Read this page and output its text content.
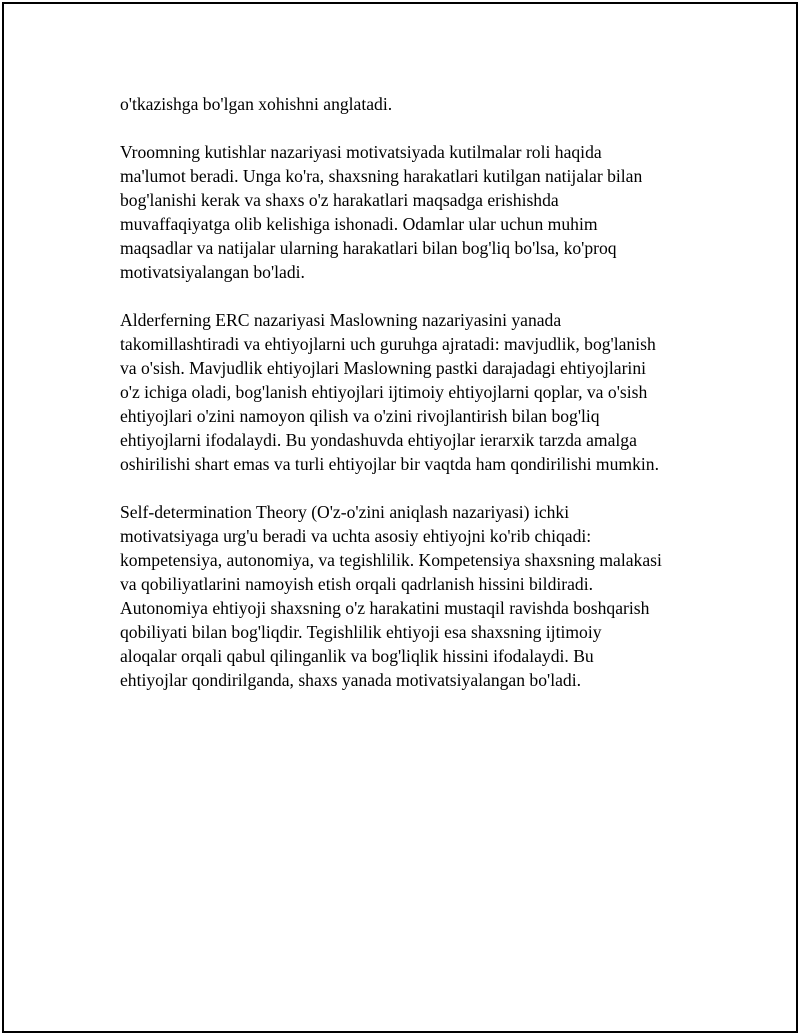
o'tkazishga bo'lgan xohishni anglatadi.

Vroomning kutishlar nazariyasi motivatsiyada kutilmalar roli haqida
ma'lumot beradi. Unga ko'ra, shaxsning harakatlari kutilgan natijalar bilan
bog'lanishi kerak va shaxs o'z harakatlari maqsadga erishishda
muvaffaqiyatga olib kelishiga ishonadi. Odamlar ular uchun muhim
maqsadlar va natijalar ularning harakatlari bilan bog'liq bo'lsa, ko'proq
motivatsiyalangan bo'ladi.

Alderferning ERC nazariyasi Maslowning nazariyasini yanada
takomillashtiradi va ehtiyojlarni uch guruhga ajratadi: mavjudlik, bog'lanish
va o'sish. Mavjudlik ehtiyojlari Maslowning pastki darajadagi ehtiyojlarini
o'z ichiga oladi, bog'lanish ehtiyojlari ijtimoiy ehtiyojlarni qoplar, va o'sish
ehtiyojlari o'zini namoyon qilish va o'zini rivojlantirish bilan bog'liq
ehtiyojlarni ifodalaydi. Bu yondashuvda ehtiyojlar ierarxik tarzda amalga
oshirilishi shart emas va turli ehtiyojlar bir vaqtda ham qondirilishi mumkin.

Self-determination Theory (O'z-o'zini aniqlash nazariyasi) ichki
motivatsiyaga urg'u beradi va uchta asosiy ehtiyojni ko'rib chiqadi:
kompetensiya, autonomiya, va tegishlilik. Kompetensiya shaxsning malakasi
va qobiliyatlarini namoyish etish orqali qadrlanish hissini bildiradi.
Autonomiya ehtiyoji shaxsning o'z harakatini mustaqil ravishda boshqarish
qobiliyati bilan bog'liqdir. Tegishlilik ehtiyoji esa shaxsning ijtimoiy
aloqalar orqali qabul qilinganlik va bog'liqlik hissini ifodalaydi. Bu
ehtiyojlar qondirilganda, shaxs yanada motivatsiyalangan bo'ladi.
